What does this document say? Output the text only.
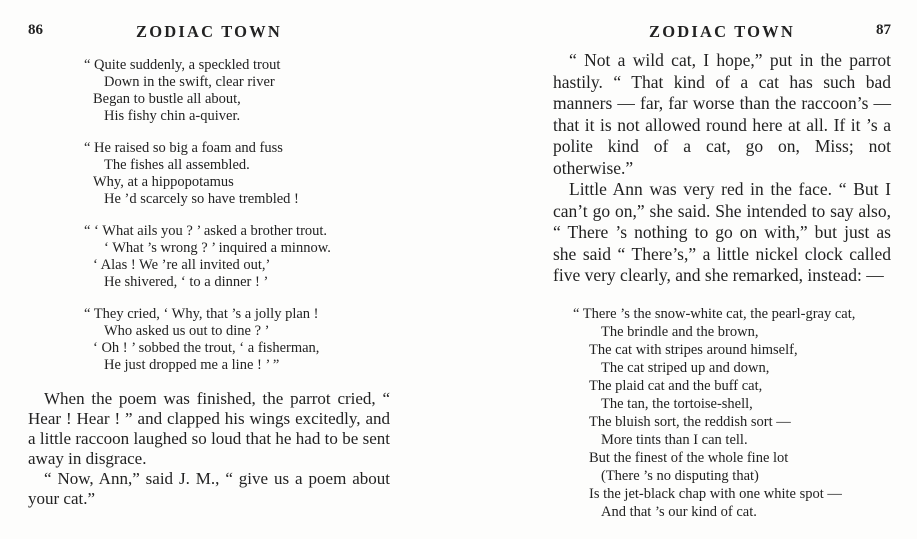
86	ZODIAC TOWN
“ Quite suddenly, a speckled trout
Down in the swift, clear river
Began to bustle all about,
His fishy chin a-quiver.
“ He raised so big a foam and fuss
The fishes all assembled.
Why, at a hippopotamus
He ’d scarcely so have trembled !
“ ‘ What ails you ? ’ asked a brother trout.
‘ What ’s wrong ? ’ inquired a minnow.
‘ Alas ! We ’re all invited out,’
He shivered, ‘ to a dinner ! ’
“ They cried, ‘ Why, that ’s a jolly plan !
Who asked us out to dine ? ’
‘ Oh ! ’ sobbed the trout, ‘ a fisherman,
He just dropped me a line ! ’ ”

When the poem was finished, the parrot cried, “ Hear ! Hear ! ” and clapped his wings excitedly, and a little raccoon laughed so loud that he had to be sent away in disgrace.

“ Now, Ann,” said J. M., “ give us a poem about your cat.”

ZODIAC TOWN	87

“ Not a wild cat, I hope,” put in the parrot hastily. “ That kind of a cat has such bad manners — far, far worse than the raccoon’s — that it is not allowed round here at all. If it ’s a polite kind of a cat, go on, Miss; not otherwise.”

Little Ann was very red in the face. “ But I can’t go on,” she said. She intended to say also, “ There ’s nothing to go on with,” but just as she said “ There’s,” a little nickel clock called five very clearly, and she remarked, instead: —

“ There ’s the snow-white cat, the pearl-gray cat,
The brindle and the brown,
The cat with stripes around himself,
The cat striped up and down,
The plaid cat and the buff cat,
The tan, the tortoise-shell,
The bluish sort, the reddish sort —
More tints than I can tell.
But the finest of the whole fine lot
(There ’s no disputing that)
Is the jet-black chap with one white spot —
And that ’s our kind of cat.
